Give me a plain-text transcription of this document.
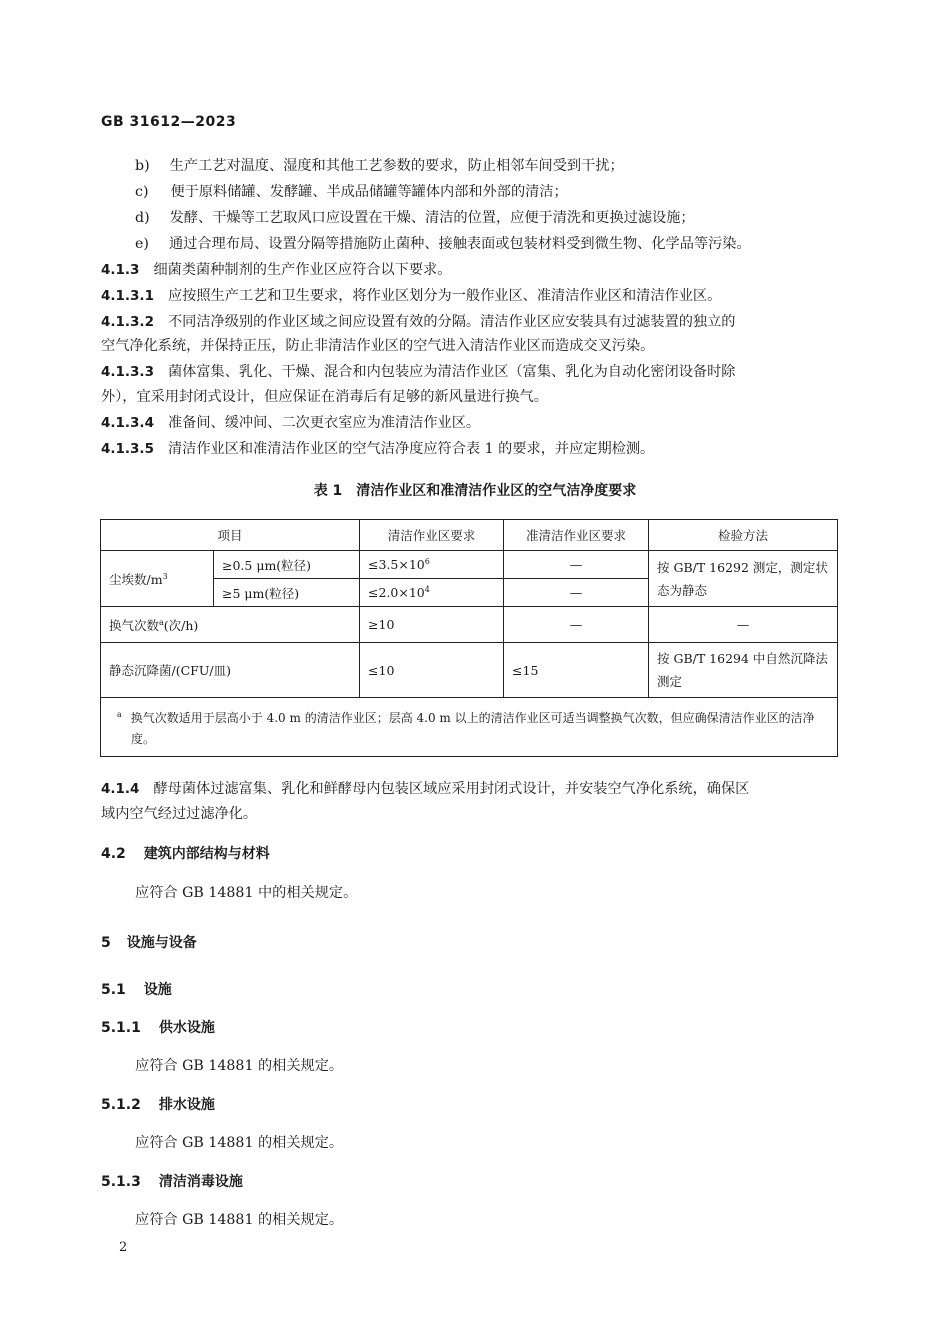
GB 31612—2023
b) 生产工艺对温度、湿度和其他工艺参数的要求，防止相邻车间受到干扰；
c) 便于原料储罐、发酵罐、半成品储罐等罐体内部和外部的清洁；
d) 发酵、干燥等工艺取风口应设置在干燥、清洁的位置，应便于清洗和更换过滤设施；
e) 通过合理布局、设置分隔等措施防止菌种、接触表面或包装材料受到微生物、化学品等污染。
4.1.3 细菌类菌种制剂的生产作业区应符合以下要求。
4.1.3.1 应按照生产工艺和卫生要求，将作业区划分为一般作业区、准清洁作业区和清洁作业区。
4.1.3.2 不同洁净级别的作业区域之间应设置有效的分隔。清洁作业区应安装具有过滤装置的独立的
空气净化系统，并保持正压，防止非清洁作业区的空气进入清洁作业区而造成交叉污染。
4.1.3.3 菌体富集、乳化、干燥、混合和内包装应为清洁作业区（富集、乳化为自动化密闭设备时除
外），宜采用封闭式设计，但应保证在消毒后有足够的新风量进行换气。
4.1.3.4 准备间、缓冲间、二次更衣室应为准清洁作业区。
4.1.3.5 清洁作业区和准清洁作业区的空气洁净度应符合表 1 的要求，并应定期检测。
表 1　清洁作业区和准清洁作业区的空气洁净度要求
项目		清洁作业区要求	准清洁作业区要求	检验方法
尘埃数$/m^3$	≥0.5 μm(粒径)	$\le 3.5\times 10^6$	—	按 GB/T 16292 测定，测定状态为静态
	≥5 μm(粒径)	$\le 2.0\times 10^4$	—	
换气次数$^a$(次/h)		≥10	—	—
静态沉降菌/(CFU/皿)		≤10	≤15	按 GB/T 16294 中自然沉降法测定
$^a$ 换气次数适用于层高小于 4.0 m 的清洁作业区；层高 4.0 m 以上的清洁作业区可适当调整换气次数，但应确保清洁作业区的洁净度。				
4.1.4 酵母菌体过滤富集、乳化和鲜酵母内包装区域应采用封闭式设计，并安装空气净化系统，确保区
域内空气经过过滤净化。
4.2 建筑内部结构与材料
应符合 GB 14881 中的相关规定。
5 设施与设备
5.1 设施
5.1.1 供水设施
应符合 GB 14881 的相关规定。
5.1.2 排水设施
应符合 GB 14881 的相关规定。
5.1.3 清洁消毒设施
应符合 GB 14881 的相关规定。
2
